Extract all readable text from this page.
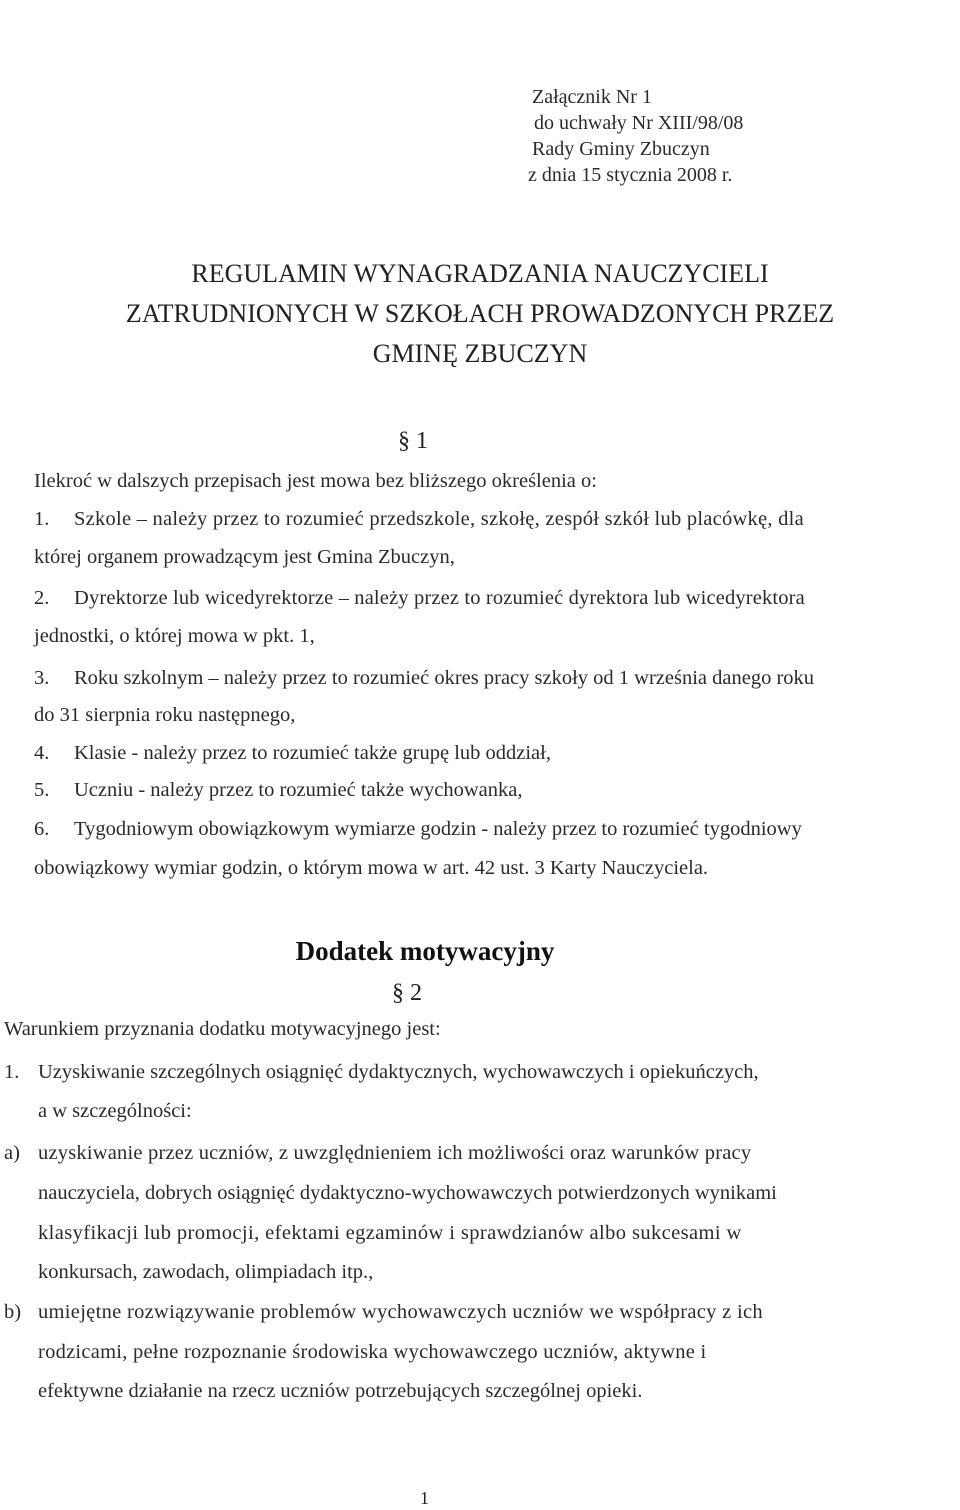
Załącznik Nr 1
do uchwały Nr XIII/98/08
Rady Gminy Zbuczyn
z dnia 15 stycznia 2008 r.
REGULAMIN WYNAGRADZANIA NAUCZYCIELI
ZATRUDNIONYCH W SZKOŁACH PROWADZONYCH PRZEZ
GMINĘ ZBUCZYN
§ 1
Ilekroć w dalszych przepisach jest mowa bez bliższego określenia o:
1. Szkole – należy przez to rozumieć przedszkole, szkołę, zespół szkół lub placówkę, dla
której organem prowadzącym jest Gmina Zbuczyn,
2. Dyrektorze lub wicedyrektorze – należy przez to rozumieć dyrektora lub wicedyrektora
jednostki, o której mowa w pkt. 1,
3. Roku szkolnym – należy przez to rozumieć okres pracy szkoły od 1 września danego roku
do 31 sierpnia roku następnego,
4. Klasie - należy przez to rozumieć także grupę lub oddział,
5. Uczniu - należy przez to rozumieć także wychowanka,
6. Tygodniowym obowiązkowym wymiarze godzin - należy przez to rozumieć tygodniowy
obowiązkowy wymiar godzin, o którym mowa w art. 42 ust. 3 Karty Nauczyciela.
Dodatek motywacyjny
§ 2
Warunkiem przyznania dodatku motywacyjnego jest:
1. Uzyskiwanie szczególnych osiągnięć dydaktycznych, wychowawczych i opiekuńczych,
a w szczególności:
a) uzyskiwanie przez uczniów, z uwzględnieniem ich możliwości oraz warunków pracy
nauczyciela, dobrych osiągnięć dydaktyczno-wychowawczych potwierdzonych wynikami
klasyfikacji lub promocji, efektami egzaminów i sprawdzianów albo sukcesami w
konkursach, zawodach, olimpiadach itp.,
b) umiejętne rozwiązywanie problemów wychowawczych uczniów we współpracy z ich
rodzicami, pełne rozpoznanie środowiska wychowawczego uczniów, aktywne i
efektywne działanie na rzecz uczniów potrzebujących szczególnej opieki.
1
